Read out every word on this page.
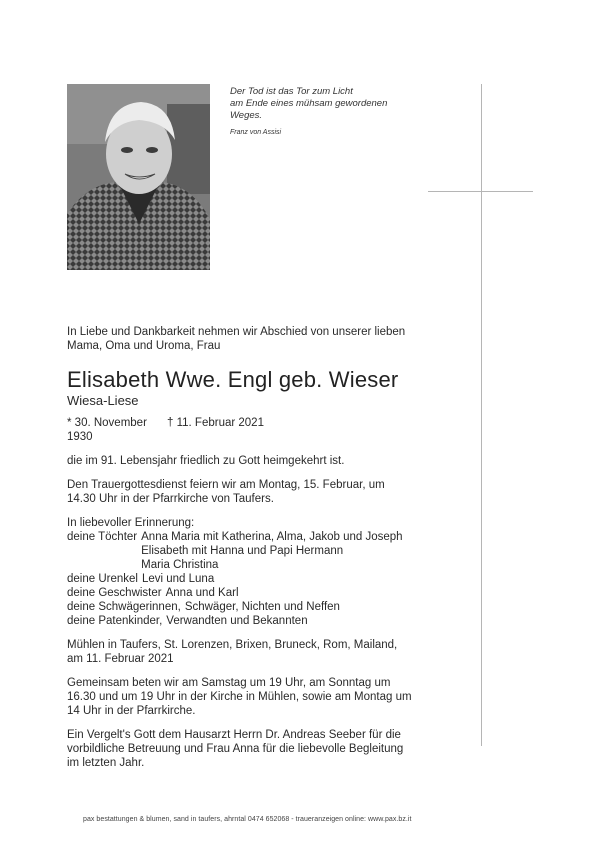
Der Tod ist das Tor zum Licht
am Ende eines mühsam gewordenen
Weges.
Franz von Assisi

In Liebe und Dankbarkeit nehmen wir Abschied von unserer lieben
Mama, Oma und Uroma, Frau

Elisabeth Wwe. Engl geb. Wieser

Wiesa-Liese

* 30. November 1930
† 11. Februar 2021

die im 91. Lebensjahr friedlich zu Gott heimgekehrt ist.

Den Trauergottesdienst feiern wir am Montag, 15. Februar, um
14.30 Uhr in der Pfarrkirche von Taufers.

In liebevoller Erinnerung:

deine Töchter Anna Maria mit Katherina, Alma, Jakob und Joseph
Elisabeth mit Hanna und Papi Hermann
Maria Christina
deine Urenkel Levi und Luna
deine Geschwister Anna und Karl
deine Schwägerinnen, Schwäger, Nichten und Neffen
deine Patenkinder, Verwandten und Bekannten

Mühlen in Taufers, St. Lorenzen, Brixen, Bruneck, Rom, Mailand,
am 11. Februar 2021

Gemeinsam beten wir am Samstag um 19 Uhr, am Sonntag um
16.30 und um 19 Uhr in der Kirche in Mühlen, sowie am Montag um
14 Uhr in der Pfarrkirche.

Ein Vergelt's Gott dem Hausarzt Herrn Dr. Andreas Seeber für die
vorbildliche Betreuung und Frau Anna für die liebevolle Begleitung
im letzten Jahr.

pax bestattungen & blumen, sand in taufers, ahrntal 0474 652068 - traueranzeigen online: www.pax.bz.it
